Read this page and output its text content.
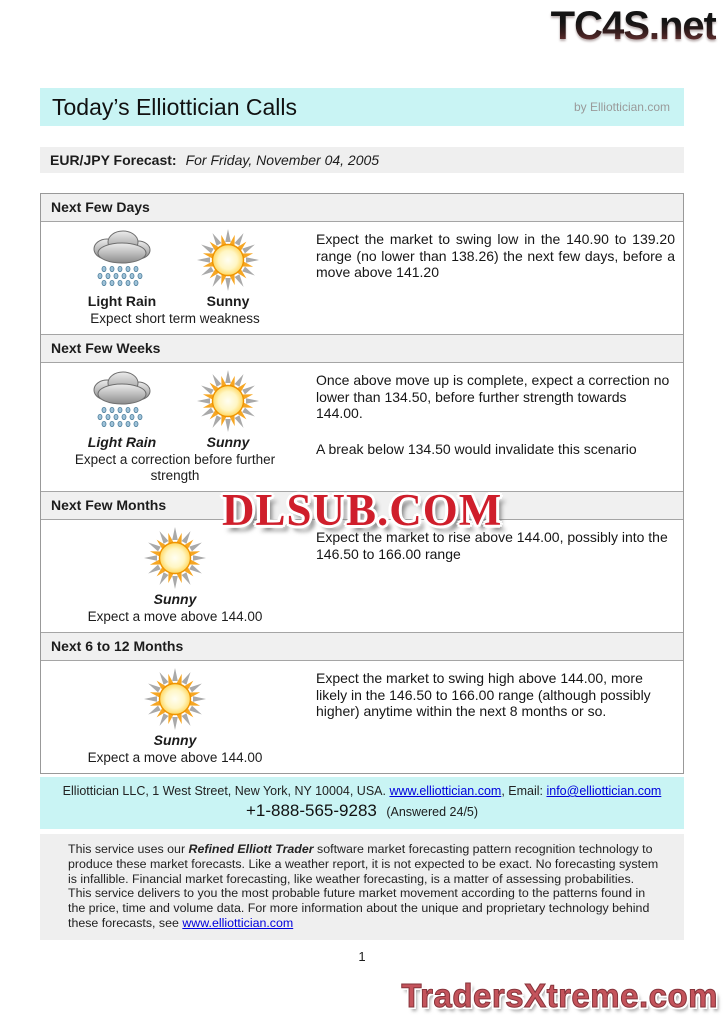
TC4S.net
Today’s Elliottician Calls	by Elliottician.com
EUR/JPY Forecast: For Friday, November 04, 2005
Next Few Days
Light Rain	Sunny
Expect short term weakness

Expect the market to swing low in the 140.90 to 139.20 range (no lower than 138.26) the next few days, before a move above 141.20

Next Few Weeks
Light Rain	Sunny
Expect a correction before further strength

Once above move up is complete, expect a correction no lower than 134.50, before further strength towards 144.00.

A break below 134.50 would invalidate this scenario

Next Few Months
Sunny
Expect a move above 144.00

Expect the market to rise above 144.00, possibly into the 146.50 to 166.00 range

Next 6 to 12 Months
Sunny
Expect a move above 144.00

Expect the market to swing high above 144.00, more likely in the 146.50 to 166.00 range (although possibly higher) anytime within the next 8 months or so.

Elliottician LLC, 1 West Street, New York, NY 10004, USA. www.elliottician.com, Email: info@elliottician.com
+1-888-565-9283 (Answered 24/5)
This service uses our Refined Elliott Trader software market forecasting pattern recognition technology to produce these market forecasts. Like a weather report, it is not expected to be exact. No forecasting system is infallible. Financial market forecasting, like weather forecasting, is a matter of assessing probabilities. This service delivers to you the most probable future market movement according to the patterns found in the price, time and volume data. For more information about the unique and proprietary technology behind these forecasts, see www.elliottician.com
1
TradersXtreme.com
DLSUB.COM
